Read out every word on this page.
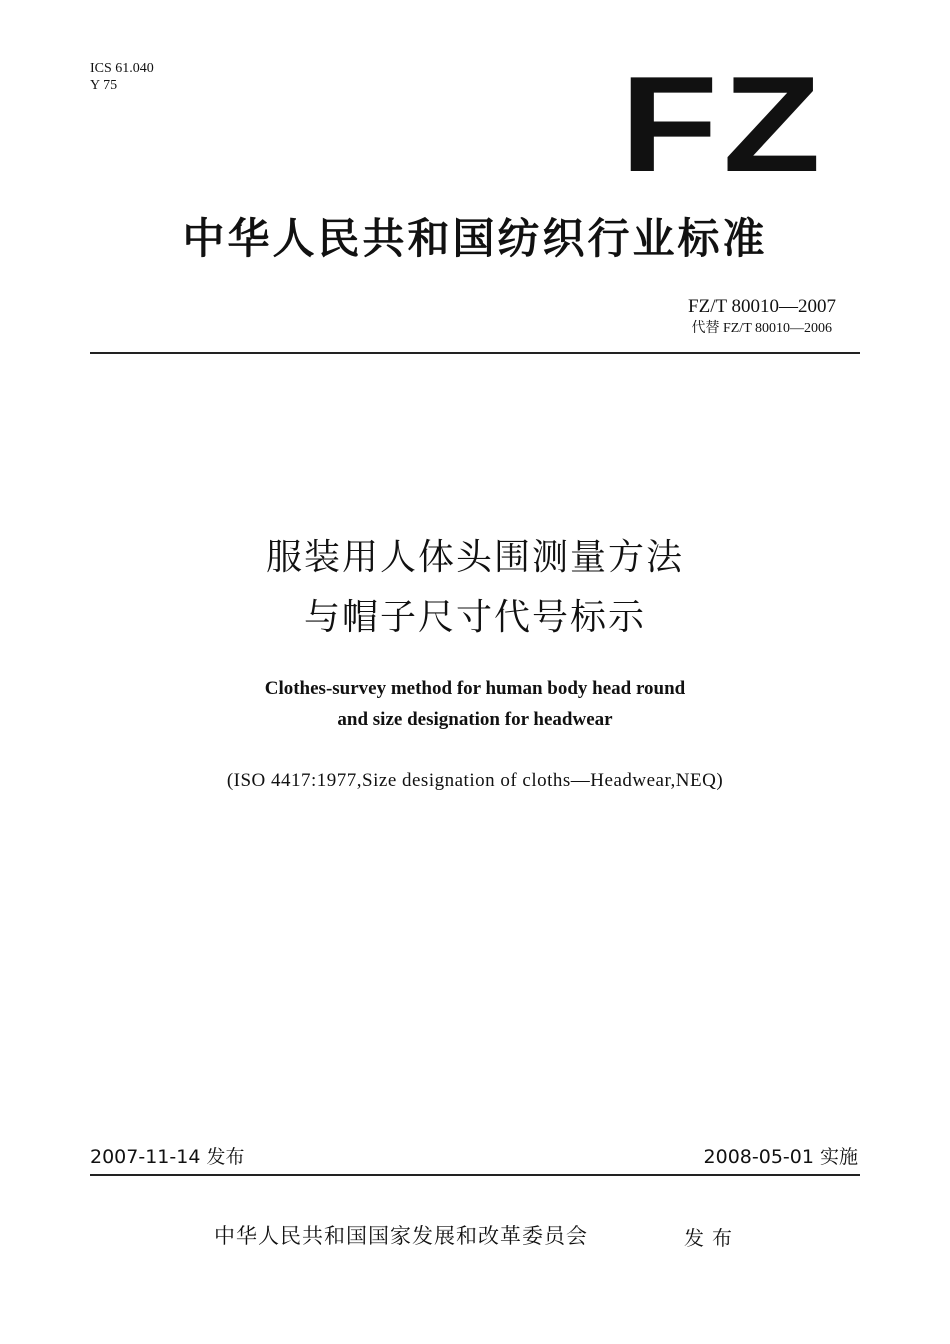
ICS 61.040
Y 75	FZ
中华人民共和国纺织行业标准
FZ/T 80010—2007
代替 FZ/T 80010—2006
服装用人体头围测量方法
与帽子尺寸代号标示
Clothes-survey method for human body head round
and size designation for headwear
(ISO 4417:1977,Size designation of cloths—Headwear,NEQ)
2007-11-14 发布	2008-05-01 实施
中华人民共和国国家发展和改革委员会	发布
